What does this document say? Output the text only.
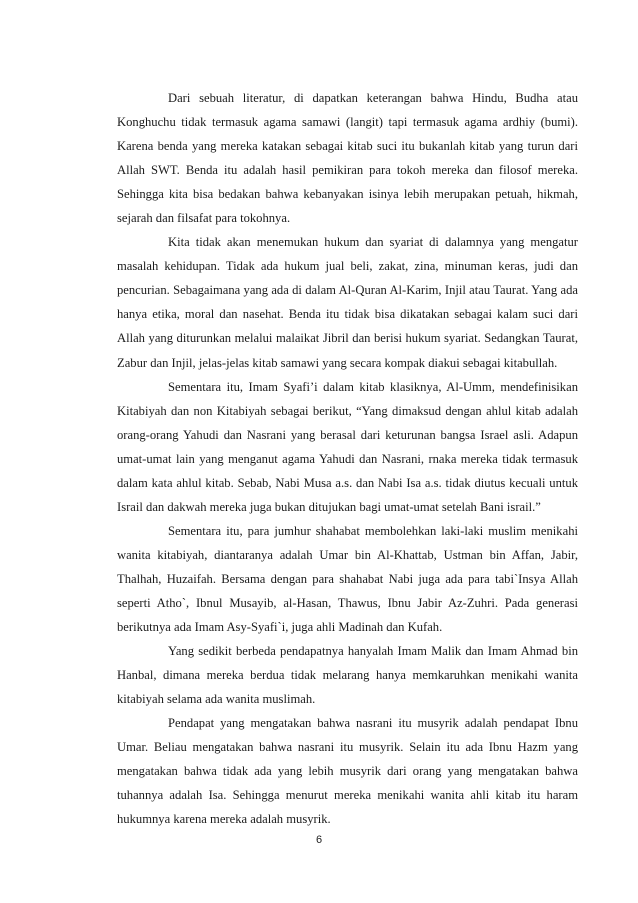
Dari sebuah literatur, di dapatkan keterangan bahwa Hindu, Budha atau Konghuchu tidak termasuk agama samawi (langit) tapi termasuk agama ardhiy (bumi). Karena benda yang mereka katakan sebagai kitab suci itu bukanlah kitab yang turun dari Allah SWT. Benda itu adalah hasil pemikiran para tokoh mereka dan filosof mereka. Sehingga kita bisa bedakan bahwa kebanyakan isinya lebih merupakan petuah, hikmah, sejarah dan filsafat para tokohnya.

Kita tidak akan menemukan hukum dan syariat di dalamnya yang mengatur masalah kehidupan. Tidak ada hukum jual beli, zakat, zina, minuman keras, judi dan pencurian. Sebagaimana yang ada di dalam Al-Quran Al-Karim, Injil atau Taurat. Yang ada hanya etika, moral dan nasehat. Benda itu tidak bisa dikatakan sebagai kalam suci dari Allah yang diturunkan melalui malaikat Jibril dan berisi hukum syariat. Sedangkan Taurat, Zabur dan Injil, jelas-jelas kitab samawi yang secara kompak diakui sebagai kitabullah.

Sementara itu, Imam Syafi’i dalam kitab klasiknya, Al-Umm, mendefinisikan Kitabiyah dan non Kitabiyah sebagai berikut, “Yang dimaksud dengan ahlul kitab adalah orang-orang Yahudi dan Nasrani yang berasal dari keturunan bangsa Israel asli. Adapun umat-umat lain yang menganut agama Yahudi dan Nasrani, rnaka mereka tidak termasuk dalam kata ahlul kitab. Sebab, Nabi Musa a.s. dan Nabi Isa a.s. tidak diutus kecuali untuk Israil dan dakwah mereka juga bukan ditujukan bagi umat-umat setelah Bani israil.”

Sementara itu, para jumhur shahabat membolehkan laki-laki muslim menikahi wanita kitabiyah, diantaranya adalah Umar bin Al-Khattab, Ustman bin Affan, Jabir, Thalhah, Huzaifah. Bersama dengan para shahabat Nabi juga ada para tabi`Insya Allah seperti Atho`, Ibnul Musayib, al-Hasan, Thawus, Ibnu Jabir Az-Zuhri. Pada generasi berikutnya ada Imam Asy-Syafi`i, juga ahli Madinah dan Kufah.

Yang sedikit berbeda pendapatnya hanyalah Imam Malik dan Imam Ahmad bin Hanbal, dimana mereka berdua tidak melarang hanya memkaruhkan menikahi wanita kitabiyah selama ada wanita muslimah.

Pendapat yang mengatakan bahwa nasrani itu musyrik adalah pendapat Ibnu Umar. Beliau mengatakan bahwa nasrani itu musyrik. Selain itu ada Ibnu Hazm yang mengatakan bahwa tidak ada yang lebih musyrik dari orang yang mengatakan bahwa tuhannya adalah Isa. Sehingga menurut mereka menikahi wanita ahli kitab itu haram hukumnya karena mereka adalah musyrik.

6
